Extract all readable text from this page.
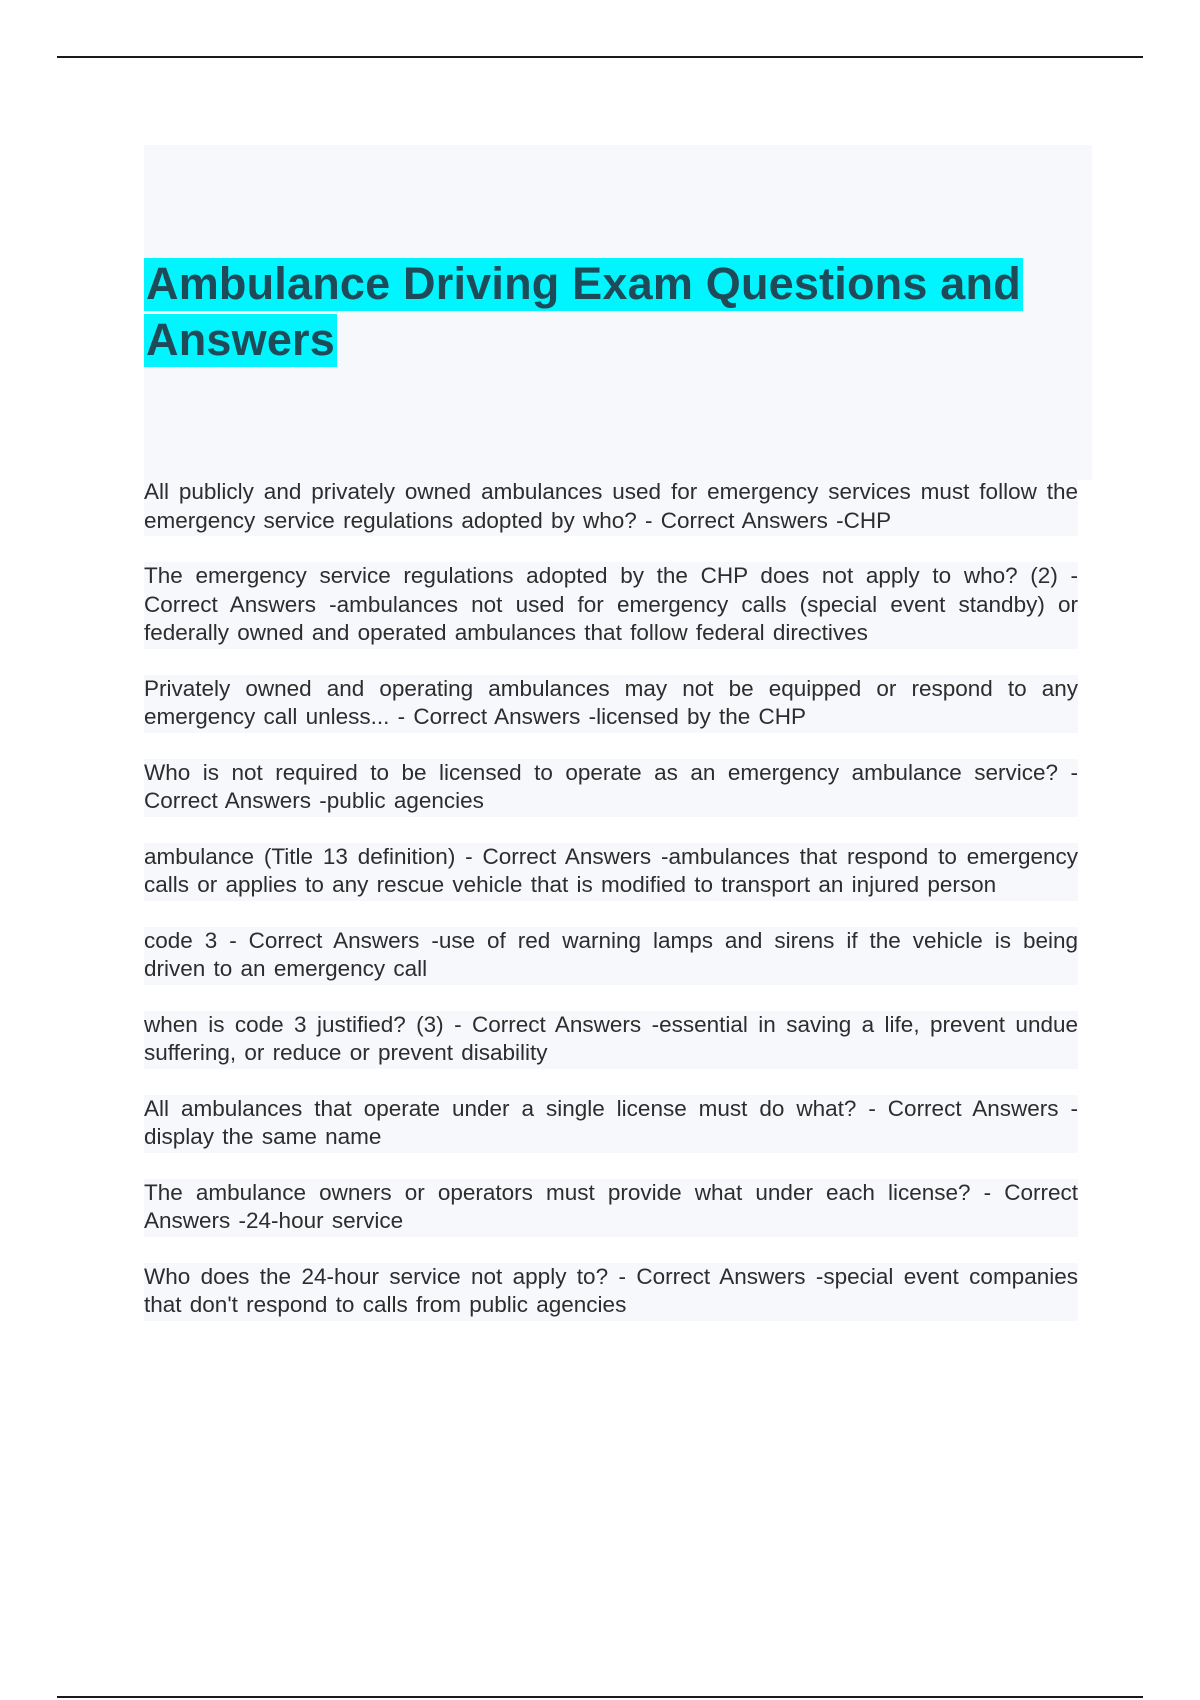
Ambulance Driving Exam Questions and Answers

All publicly and privately owned ambulances used for emergency services must follow the emergency service regulations adopted by who? - Correct Answers -CHP

The emergency service regulations adopted by the CHP does not apply to who? (2) - Correct Answers -ambulances not used for emergency calls (special event standby) or federally owned and operated ambulances that follow federal directives

Privately owned and operating ambulances may not be equipped or respond to any emergency call unless... - Correct Answers -licensed by the CHP

Who is not required to be licensed to operate as an emergency ambulance service? - Correct Answers -public agencies

ambulance (Title 13 definition) - Correct Answers -ambulances that respond to emergency calls or applies to any rescue vehicle that is modified to transport an injured person

code 3 - Correct Answers -use of red warning lamps and sirens if the vehicle is being driven to an emergency call

when is code 3 justified? (3) - Correct Answers -essential in saving a life, prevent undue suffering, or reduce or prevent disability

All ambulances that operate under a single license must do what? - Correct Answers -display the same name

The ambulance owners or operators must provide what under each license? - Correct Answers -24-hour service

Who does the 24-hour service not apply to? - Correct Answers -special event companies that don't respond to calls from public agencies
